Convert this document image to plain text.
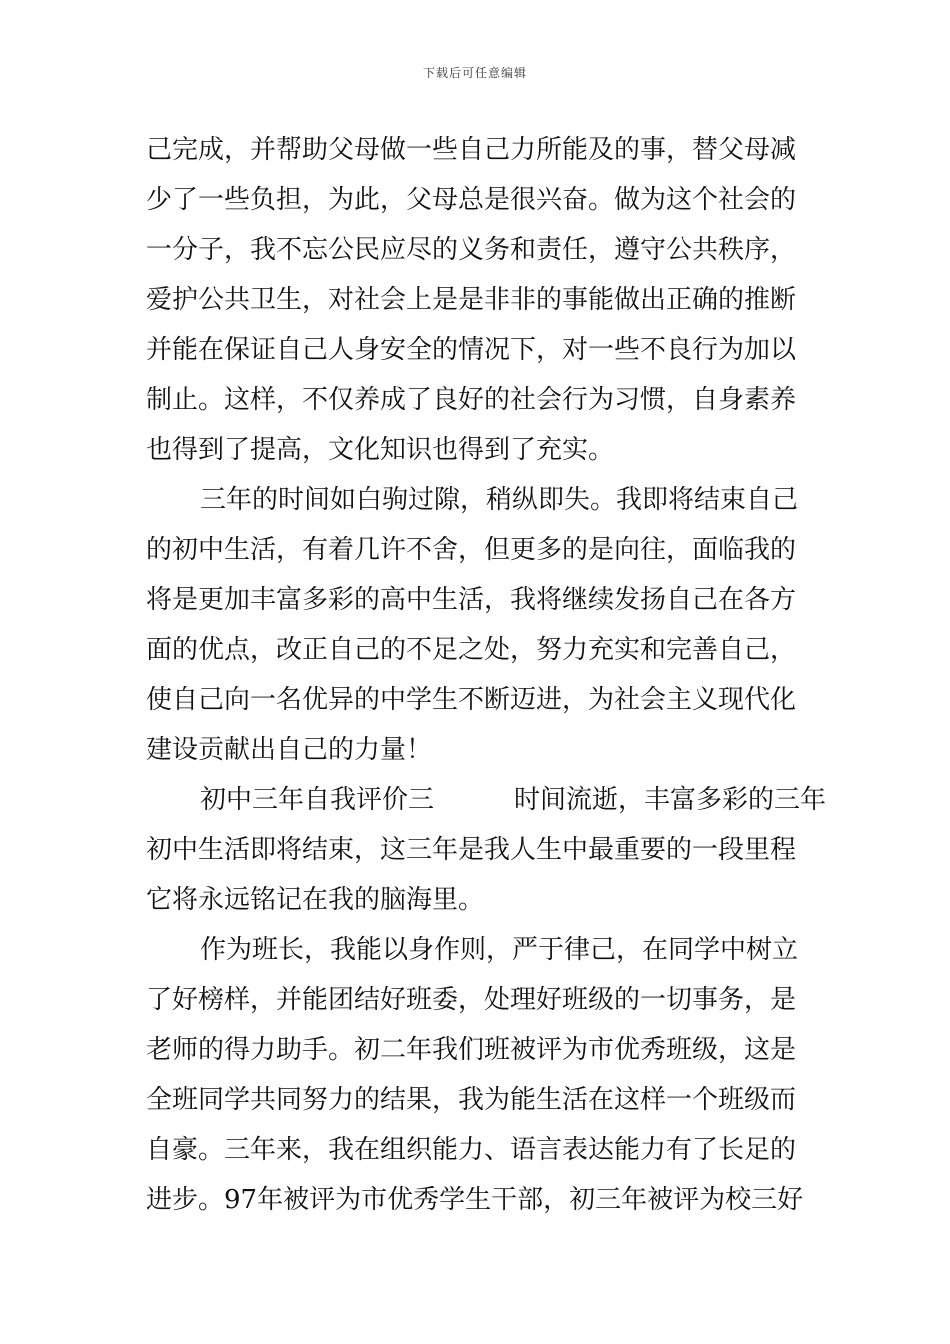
下载后可任意编辑
己完成，并帮助父母做一些自己力所能及的事，替父母减
少了一些负担，为此，父母总是很兴奋。做为这个社会的
一分子，我不忘公民应尽的义务和责任，遵守公共秩序，
爱护公共卫生，对社会上是是非非的事能做出正确的推断
并能在保证自己人身安全的情况下，对一些不良行为加以
制止。这样，不仅养成了良好的社会行为习惯，自身素养
也得到了提高，文化知识也得到了充实。
三年的时间如白驹过隙，稍纵即失。我即将结束自己
的初中生活，有着几许不舍，但更多的是向往，面临我的
将是更加丰富多彩的高中生活，我将继续发扬自己在各方
面的优点，改正自己的不足之处，努力充实和完善自己，
使自己向一名优异的中学生不断迈进，为社会主义现代化
建设贡献出自己的力量！
初中三年自我评价三	时间流逝，丰富多彩的三年
初中生活即将结束，这三年是我人生中最重要的一段里程
它将永远铭记在我的脑海里。
作为班长，我能以身作则，严于律己，在同学中树立
了好榜样，并能团结好班委，处理好班级的一切事务，是
老师的得力助手。初二年我们班被评为市优秀班级，这是
全班同学共同努力的结果，我为能生活在这样一个班级而
自豪。三年来，我在组织能力、语言表达能力有了长足的
进步。97年被评为市优秀学生干部，初三年被评为校三好
